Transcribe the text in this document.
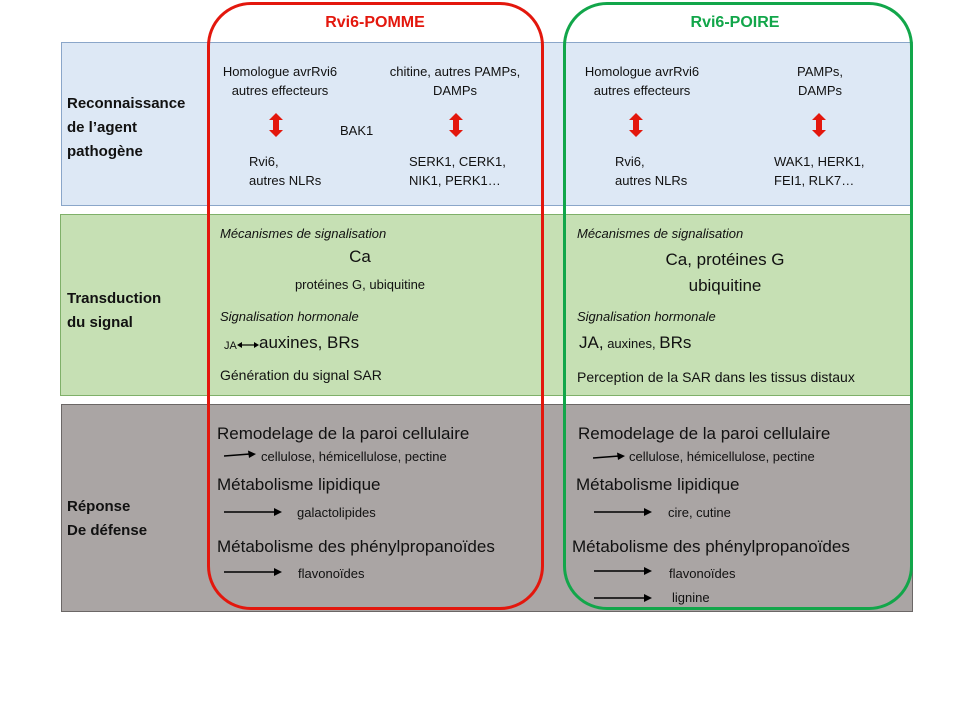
Rvi6-POMME	Rvi6-POIRE
Reconnaissance
de l’agent
pathogène
Transduction
du signal
Réponse
De défense
Homologue avrRvi6
autres effecteurs
chitine, autres PAMPs,
DAMPs
BAK1
Rvi6,
autres NLRs
SERK1, CERK1,
NIK1, PERK1…
Homologue avrRvi6
autres effecteurs
PAMPs,
DAMPs
Rvi6,
autres NLRs
WAK1, HERK1,
FEI1, RLK7…
Mécanismes de signalisation
Ca
protéines G, ubiquitine
Signalisation hormonale
JA auxines, BRs
Génération du signal SAR
Mécanismes de signalisation
Ca, protéines G
ubiquitine
Signalisation hormonale
JA, auxines, BRs
Perception de la SAR dans les tissus distaux
Remodelage de la paroi cellulaire
cellulose, hémicellulose, pectine
Métabolisme lipidique
galactolipides
Métabolisme des phénylpropanoïdes
flavonoïdes
Remodelage de la paroi cellulaire
cellulose, hémicellulose, pectine
Métabolisme lipidique
cire, cutine
Métabolisme des phénylpropanoïdes
flavonoïdes
lignine
